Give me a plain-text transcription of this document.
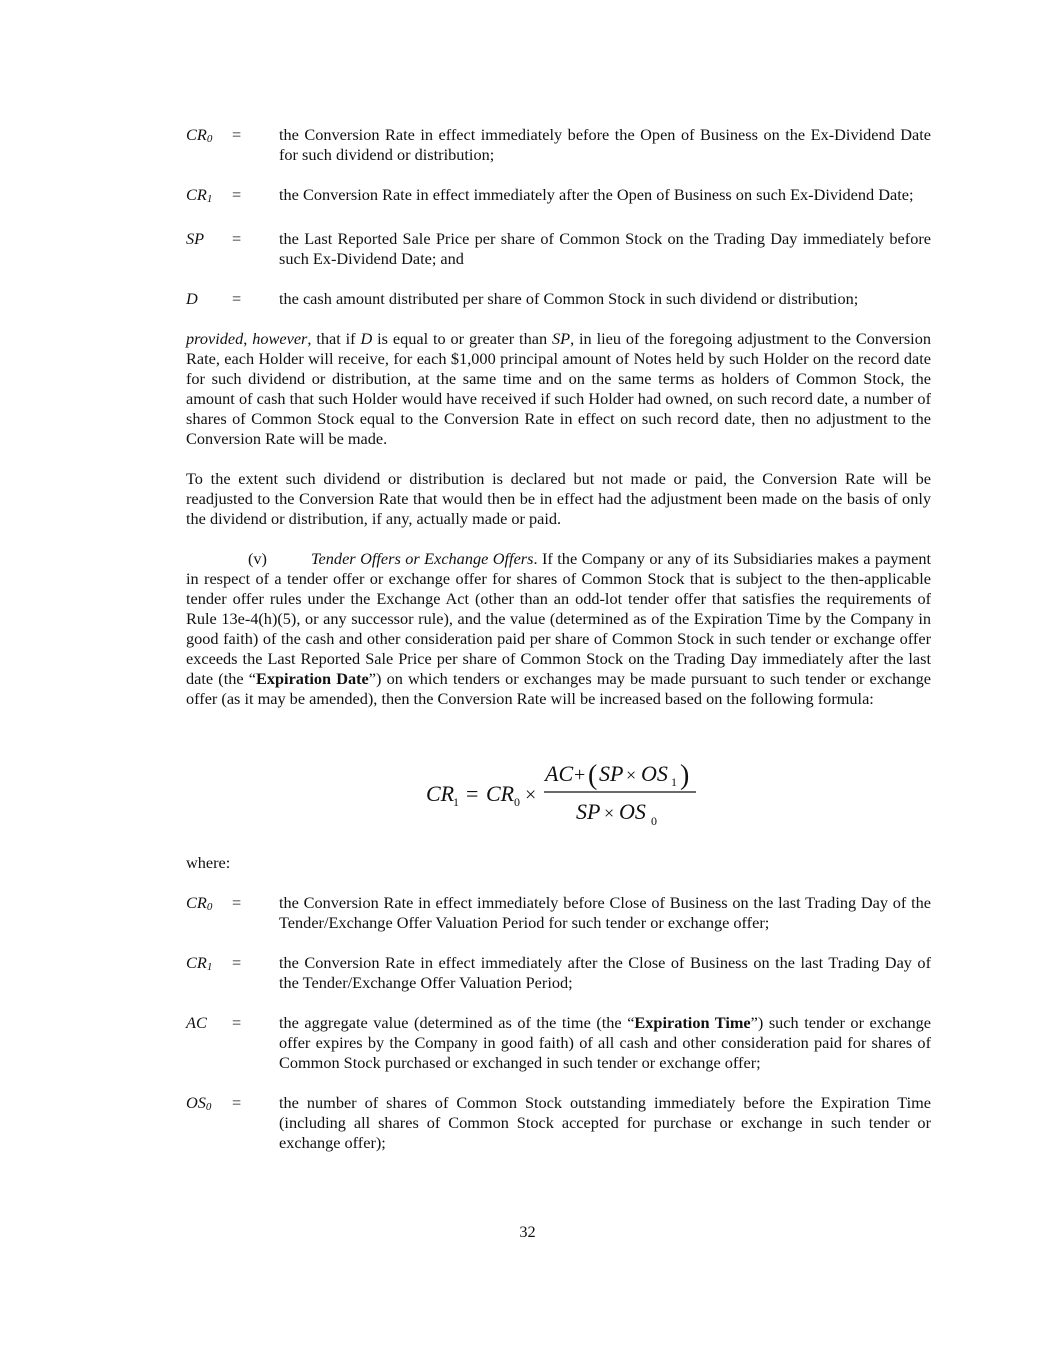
$CR_0$	=	the Conversion Rate in effect immediately before the Open of Business on the Ex-Dividend Date for such dividend or distribution;
$CR_1$	=	the Conversion Rate in effect immediately after the Open of Business on such Ex-Dividend Date;
SP	=	the Last Reported Sale Price per share of Common Stock on the Trading Day immediately before such Ex-Dividend Date; and
D	=	the cash amount distributed per share of Common Stock in such dividend or distribution;

provided, however, that if D is equal to or greater than SP, in lieu of the foregoing adjustment to the Conversion Rate, each Holder will receive, for each $1,000 principal amount of Notes held by such Holder on the record date for such dividend or distribution, at the same time and on the same terms as holders of Common Stock, the amount of cash that such Holder would have received if such Holder had owned, on such record date, a number of shares of Common Stock equal to the Conversion Rate in effect on such record date, then no adjustment to the Conversion Rate will be made.

To the extent such dividend or distribution is declared but not made or paid, the Conversion Rate will be readjusted to the Conversion Rate that would then be in effect had the adjustment been made on the basis of only the dividend or distribution, if any, actually made or paid.

(v)	Tender Offers or Exchange Offers. If the Company or any of its Subsidiaries makes a payment in respect of a tender offer or exchange offer for shares of Common Stock that is subject to the then-applicable tender offer rules under the Exchange Act (other than an odd-lot tender offer that satisfies the requirements of Rule 13e-4(h)(5), or any successor rule), and the value (determined as of the Expiration Time by the Company in good faith) of the cash and other consideration paid per share of Common Stock in such tender or exchange offer exceeds the Last Reported Sale Price per share of Common Stock on the Trading Day immediately after the last date (the “Expiration Date”) on which tenders or exchanges may be made pursuant to such tender or exchange offer (as it may be amended), then the Conversion Rate will be increased based on the following formula:

CR
1 = CR 0 ×
AC + ( SP × OS 1 )
SP × OS 0

where:

$CR_0$	=	the Conversion Rate in effect immediately before Close of Business on the last Trading Day of the Tender/Exchange Offer Valuation Period for such tender or exchange offer;
$CR_1$	=	the Conversion Rate in effect immediately after the Close of Business on the last Trading Day of the Tender/Exchange Offer Valuation Period;
AC	=	the aggregate value (determined as of the time (the “Expiration Time”) such tender or exchange offer expires by the Company in good faith) of all cash and other consideration paid for shares of Common Stock purchased or exchanged in such tender or exchange offer;
$OS_0$	=	the number of shares of Common Stock outstanding immediately before the Expiration Time (including all shares of Common Stock accepted for purchase or exchange in such tender or exchange offer);
32
